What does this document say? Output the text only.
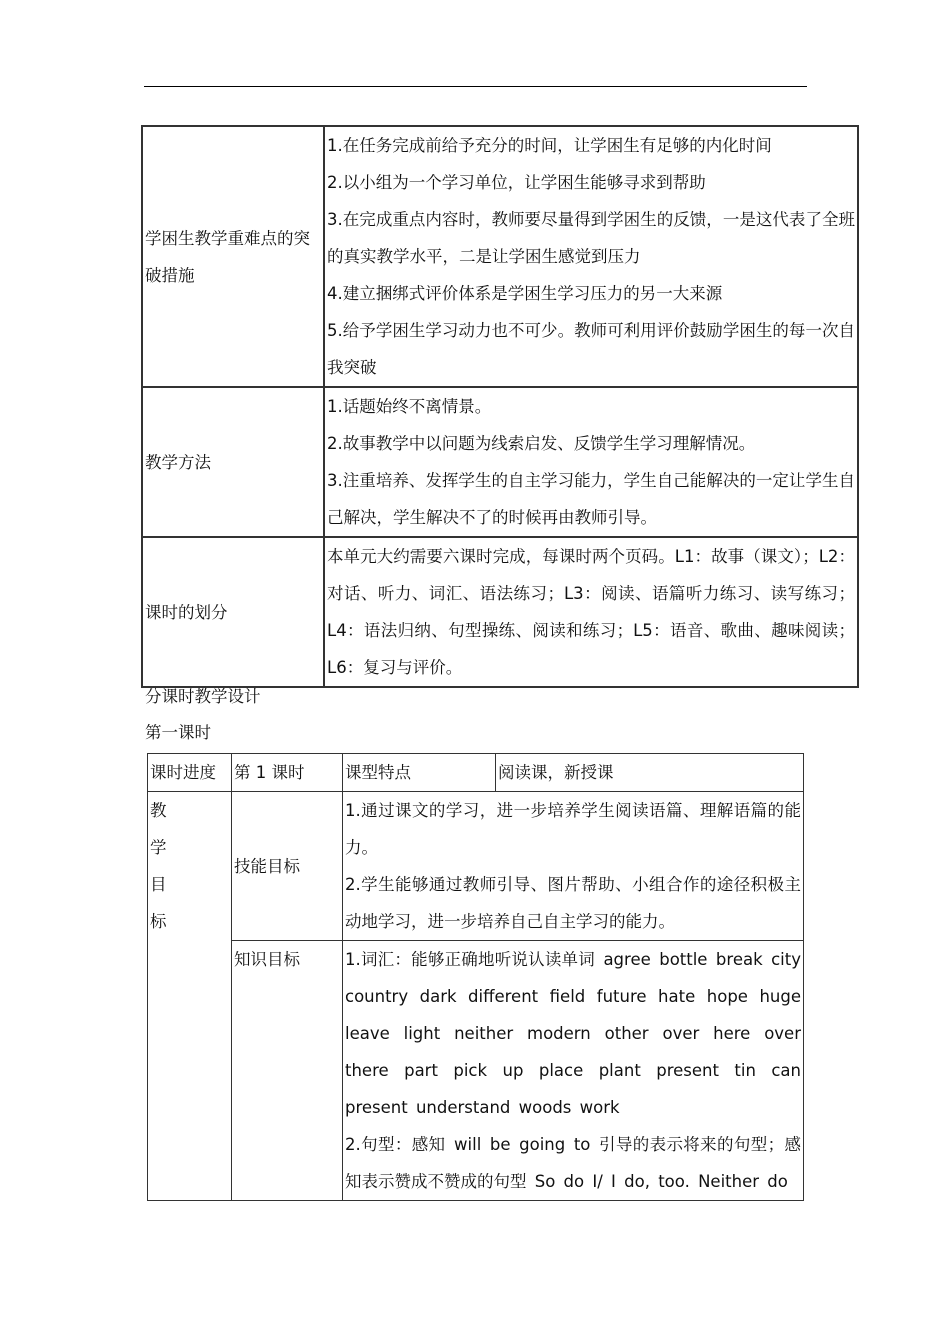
学困生教学重难点的突破措施	1.在任务完成前给予充分的时间，让学困生有足够的内化时间
2.以小组为一个学习单位，让学困生能够寻求到帮助
3.在完成重点内容时，教师要尽量得到学困生的反馈，一是这代表了全班的真实教学水平，二是让学困生感觉到压力
4.建立捆绑式评价体系是学困生学习压力的另一大来源
5.给予学困生学习动力也不可少。教师可利用评价鼓励学困生的每一次自我突破

教学方法	1.话题始终不离情景。
2.故事教学中以问题为线索启发、反馈学生学习理解情况。
3.注重培养、发挥学生的自主学习能力，学生自己能解决的一定让学生自己解决，学生解决不了的时候再由教师引导。

课时的划分	本单元大约需要六课时完成，每课时两个页码。L1：故事（课文）；L2：对话、听力、词汇、语法练习；L3：阅读、语篇听力练习、读写练习；L4：语法归纳、句型操练、阅读和练习；L5：语音、歌曲、趣味阅读；L6：复习与评价。
分课时教学设计
第一课时
课时进度	第 1 课时	课型特点	阅读课，新授课

教
学
目
标	技能目标	1.通过课文的学习，进一步培养学生阅读语篇、理解语篇的能力。
2.学生能够通过教师引导、图片帮助、小组合作的途径积极主动地学习，进一步培养自己自主学习的能力。	

	知识目标	1.词汇：能够正确地听说认读单词 agree bottle break city country dark different field future hate hope huge leave light neither modern other over here over there part pick up place plant present tin can present understand woods work
2.句型：感知 will be going to 引导的表示将来的句型；感知表示赞成不赞成的句型 So do I/ I do, too. Neither do	
